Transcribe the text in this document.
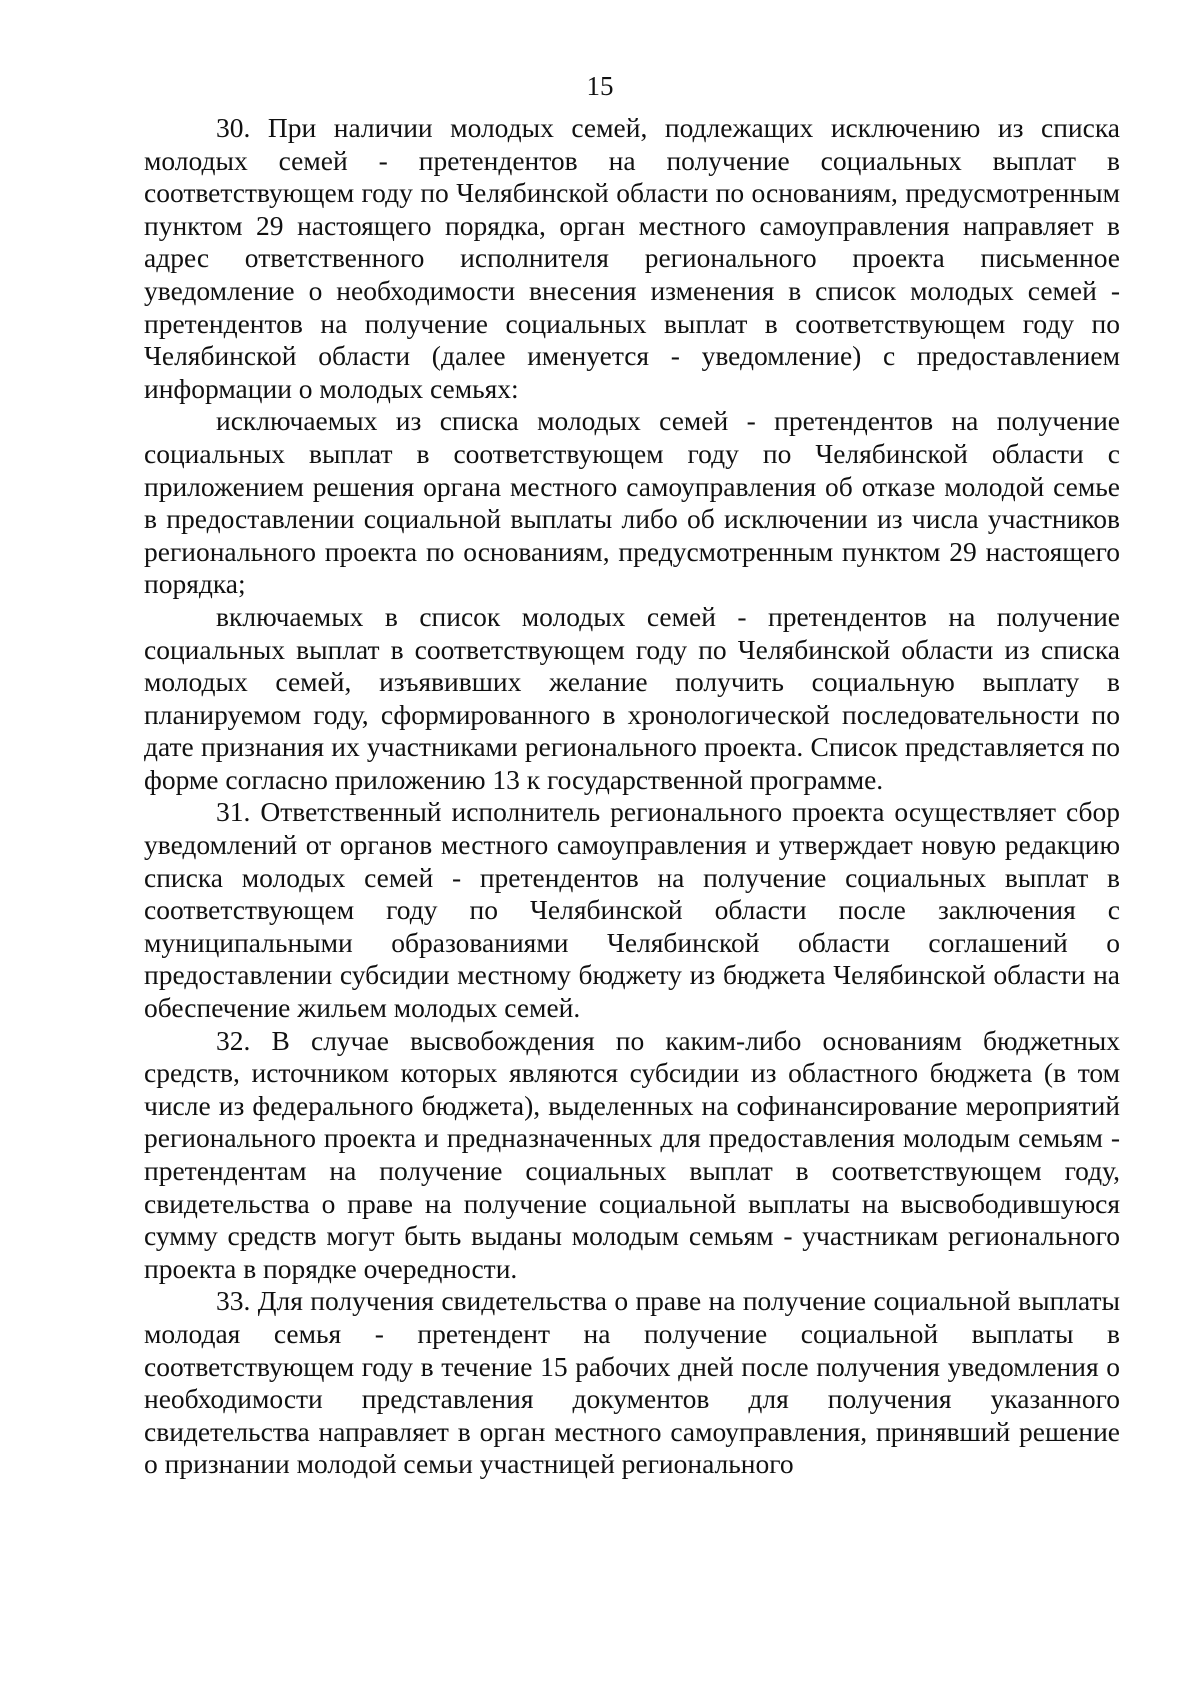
15

30. При наличии молодых семей, подлежащих исключению из списка молодых семей - претендентов на получение социальных выплат в соответствующем году по Челябинской области по основаниям, предусмотренным пунктом 29 настоящего порядка, орган местного самоуправления направляет в адрес ответственного исполнителя регионального проекта письменное уведомление о необходимости внесения изменения в список молодых семей - претендентов на получение социальных выплат в соответствующем году по Челябинской области (далее именуется - уведомление) с предоставлением информации о молодых семьях:

исключаемых из списка молодых семей - претендентов на получение социальных выплат в соответствующем году по Челябинской области с приложением решения органа местного самоуправления об отказе молодой семье в предоставлении социальной выплаты либо об исключении из числа участников регионального проекта по основаниям, предусмотренным пунктом 29 настоящего порядка;

включаемых в список молодых семей - претендентов на получение социальных выплат в соответствующем году по Челябинской области из списка молодых семей, изъявивших желание получить социальную выплату в планируемом году, сформированного в хронологической последовательности по дате признания их участниками регионального проекта. Список представляется по форме согласно приложению 13 к государственной программе.

31. Ответственный исполнитель регионального проекта осуществляет сбор уведомлений от органов местного самоуправления и утверждает новую редакцию списка молодых семей - претендентов на получение социальных выплат в соответствующем году по Челябинской области после заключения с муниципальными образованиями Челябинской области соглашений о предоставлении субсидии местному бюджету из бюджета Челябинской области на обеспечение жильем молодых семей.

32. В случае высвобождения по каким-либо основаниям бюджетных средств, источником которых являются субсидии из областного бюджета (в том числе из федерального бюджета), выделенных на софинансирование мероприятий регионального проекта и предназначенных для предоставления молодым семьям - претендентам на получение социальных выплат в соответствующем году, свидетельства о праве на получение социальной выплаты на высвободившуюся сумму средств могут быть выданы молодым семьям - участникам регионального проекта в порядке очередности.

33. Для получения свидетельства о праве на получение социальной выплаты молодая семья - претендент на получение социальной выплаты в соответствующем году в течение 15 рабочих дней после получения уведомления о необходимости представления документов для получения указанного свидетельства направляет в орган местного самоуправления, принявший решение о признании молодой семьи участницей регионального
